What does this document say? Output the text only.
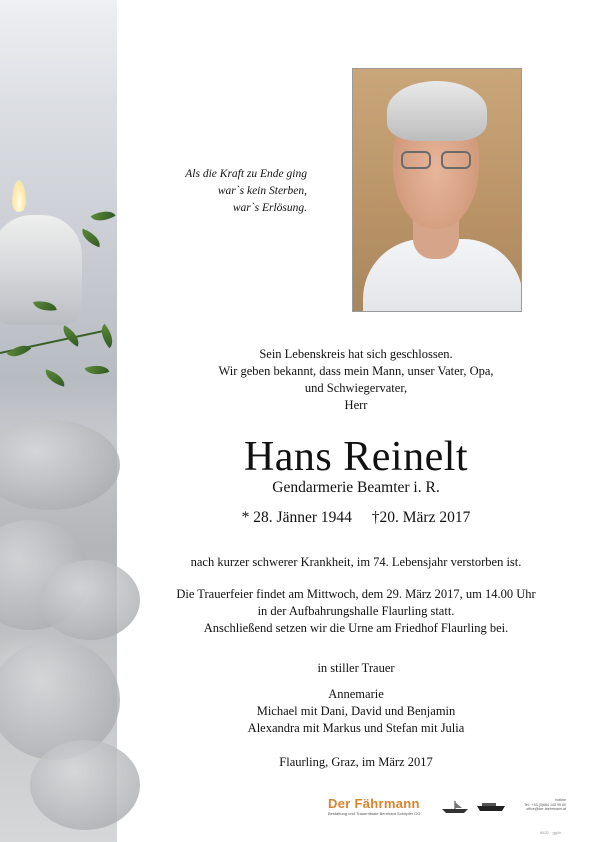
Als die Kraft zu Ende ging
war`s kein Sterben,
war`s Erlösung.
Sein Lebenskreis hat sich geschlossen.
Wir geben bekannt, dass mein Mann, unser Vater, Opa,
und Schwiegervater,
Herr
Hans Reinelt
Gendarmerie Beamter i. R.
* 28. Jänner 1944 †20. März 2017
nach kurzer schwerer Krankheit, im 74. Lebensjahr verstorben ist.
Die Trauerfeier findet am Mittwoch, dem 29. März 2017, um 14.00 Uhr
in der Aufbahrungshalle Flaurling statt.
Anschließend setzen wir die Urne am Friedhof Flaurling bei.
in stiller Trauer
Annemarie
Michael mit Dani, David und Benjamin
Alexandra mit Markus und Stefan mit Julia
Flaurling, Graz, im März 2017
Der Fährmann
Bestattung und Trauerrituale Bernhard Schöpfer OG
hotline
Tel.: +43 (0)664 145 99 60
office@der-faehrmann.at
8832 · gg4n
